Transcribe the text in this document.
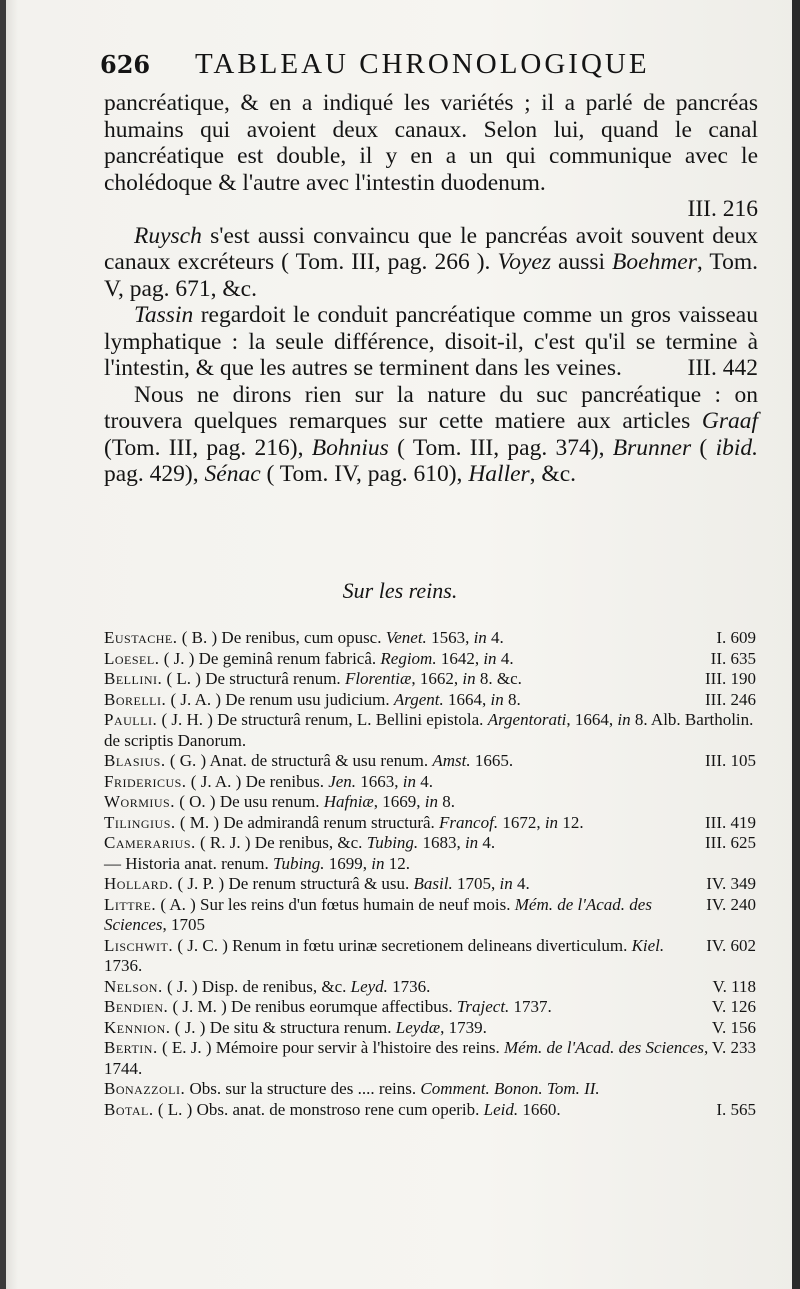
626 TABLEAU CHRONOLOGIQUE

pancréatique, & en a indiqué les variétés ; il a parlé de pancréas humains qui avoient deux canaux. Selon lui, quand le canal pancréatique est double, il y en a un qui communique avec le cholédoque & l'autre avec l'intestin duodenum.
III. 216

Ruysch s'est aussi convaincu que le pancréas avoit souvent deux canaux excréteurs ( Tom. III, pag. 266 ). Voyez aussi Boehmer, Tom. V, pag. 671, &c.

Tassin regardoit le conduit pancréatique comme un gros vaisseau lymphatique : la seule différence, disoit-il, c'est qu'il se termine à l'intestin, & que les autres se terminent dans les veines.	III. 442

Nous ne dirons rien sur la nature du suc pancréatique : on trouvera quelques remarques sur cette matiere aux articles Graaf (Tom. III, pag. 216), Bohnius ( Tom. III, pag. 374), Brunner ( ibid. pag. 429), Sénac ( Tom. IV, pag. 610), Haller, &c.

Sur les reins.
I. 609
Eustache. ( B. ) De renibus, cum opusc. Venet. 1563, in 4.
II. 635
Loesel. ( J. ) De geminâ renum fabricâ. Regiom. 1642, in 4.
III. 190
Bellini. ( L. ) De structurâ renum. Florentiæ, 1662, in 8. &c.
III. 246
Borelli. ( J. A. ) De renum usu judicium. Argent. 1664, in 8.
Paulli. ( J. H. ) De structurâ renum, L. Bellini epistola. Argentorati, 1664, in 8. Alb. Bartholin. de scriptis Danorum.
III. 105
Blasius. ( G. ) Anat. de structurâ & usu renum. Amst. 1665.
Fridericus. ( J. A. ) De renibus. Jen. 1663, in 4.
Wormius. ( O. ) De usu renum. Hafniæ, 1669, in 8.
III. 419
Tilingius. ( M. ) De admirandâ renum structurâ. Francof. 1672, in 12.
III. 625
Camerarius. ( R. J. ) De renibus, &c. Tubing. 1683, in 4.
— Historia anat. renum. Tubing. 1699, in 12.
IV. 349
Hollard. ( J. P. ) De renum structurâ & usu. Basil. 1705, in 4.
IV. 240
Littre. ( A. ) Sur les reins d'un fœtus humain de neuf mois. Mém. de l'Acad. des Sciences, 1705
IV. 602
Lischwit. ( J. C. ) Renum in fœtu urinæ secretionem delineans diverticulum. Kiel. 1736.
V. 118
Nelson. ( J. ) Disp. de renibus, &c. Leyd. 1736.
V. 126
Bendien. ( J. M. ) De renibus eorumque affectibus. Traject. 1737.
V. 156
Kennion. ( J. ) De situ & structura renum. Leydæ, 1739.
V. 233
Bertin. ( E. J. ) Mémoire pour servir à l'histoire des reins. Mém. de l'Acad. des Sciences, 1744.
Bonazzoli. Obs. sur la structure des .... reins. Comment. Bonon. Tom. II.
I. 565
Botal. ( L. ) Obs. anat. de monstroso rene cum operib. Leid. 1660.
